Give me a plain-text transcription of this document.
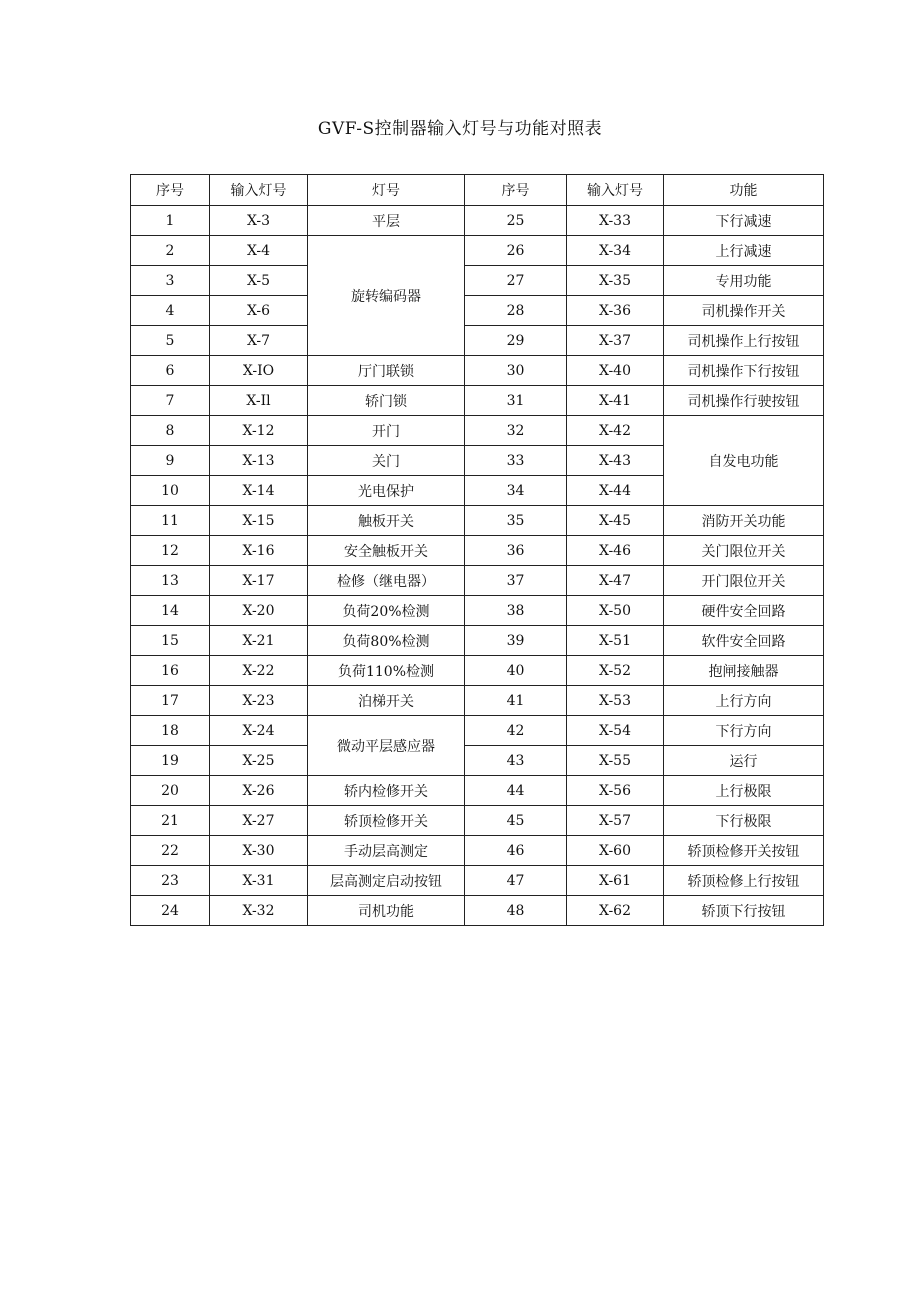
GVF-S控制器输入灯号与功能对照表
序号	输入灯号	灯号	序号	输入灯号	功能
1	X-3	平层	25	X-33	下行减速
2	X-4	旋转编码器	26	X-34	上行减速
3	X-5		27	X-35	专用功能
4	X-6		28	X-36	司机操作开关
5	X-7		29	X-37	司机操作上行按钮
6	X-IO	厅门联锁	30	X-40	司机操作下行按钮
7	X-Il	轿门锁	31	X-41	司机操作行驶按钮
8	X-12	开门	32	X-42	自发电功能
9	X-13	关门	33	X-43	
10	X-14	光电保护	34	X-44	
11	X-15	触板开关	35	X-45	消防开关功能
12	X-16	安全触板开关	36	X-46	关门限位开关
13	X-17	检修（继电器）	37	X-47	开门限位开关
14	X-20	负荷20%检测	38	X-50	硬件安全回路
15	X-21	负荷80%检测	39	X-51	软件安全回路
16	X-22	负荷110%检测	40	X-52	抱闸接触器
17	X-23	泊梯开关	41	X-53	上行方向
18	X-24	微动平层感应器	42	X-54	下行方向
19	X-25		43	X-55	运行
20	X-26	轿内检修开关	44	X-56	上行极限
21	X-27	轿顶检修开关	45	X-57	下行极限
22	X-30	手动层高测定	46	X-60	轿顶检修开关按钮
23	X-31	层高测定启动按钮	47	X-61	轿顶检修上行按钮
24	X-32	司机功能	48	X-62	轿顶下行按钮
